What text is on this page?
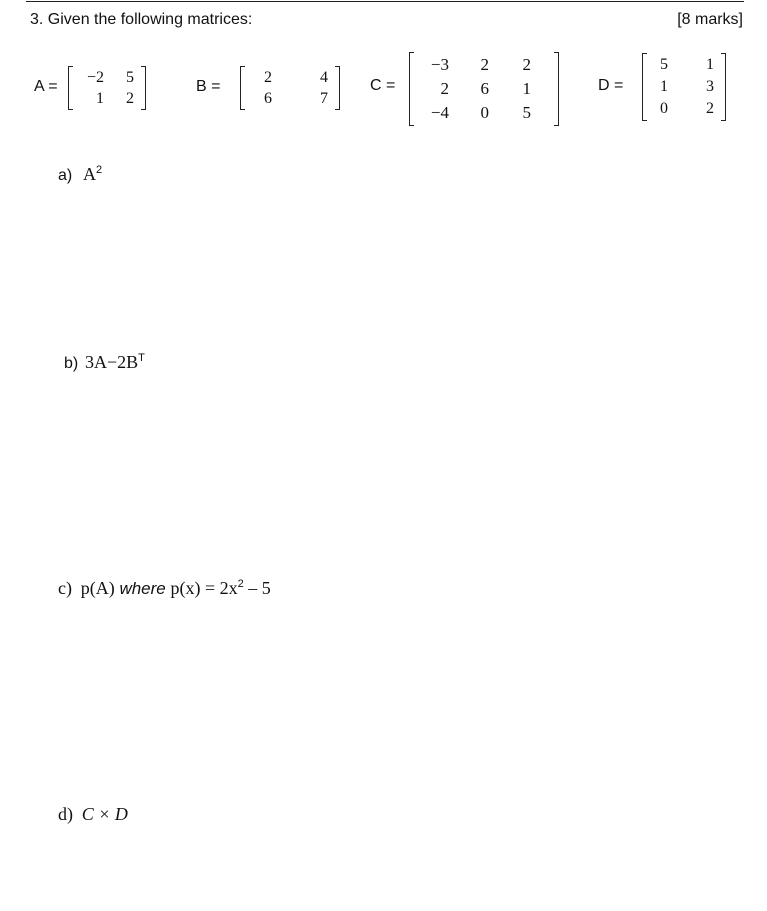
3. Given the following matrices:	[8 marks]
A =
−2	5
1	2
B =
2	4
6	7
C =
−3	2	2
2	6	1
−4	0	5
D =
5	1
1	3
0	2
a) $A^2$
b) $3A-2B^T$
c) p(A) where $p(x) = 2x^2 - 5$
d) C × D
